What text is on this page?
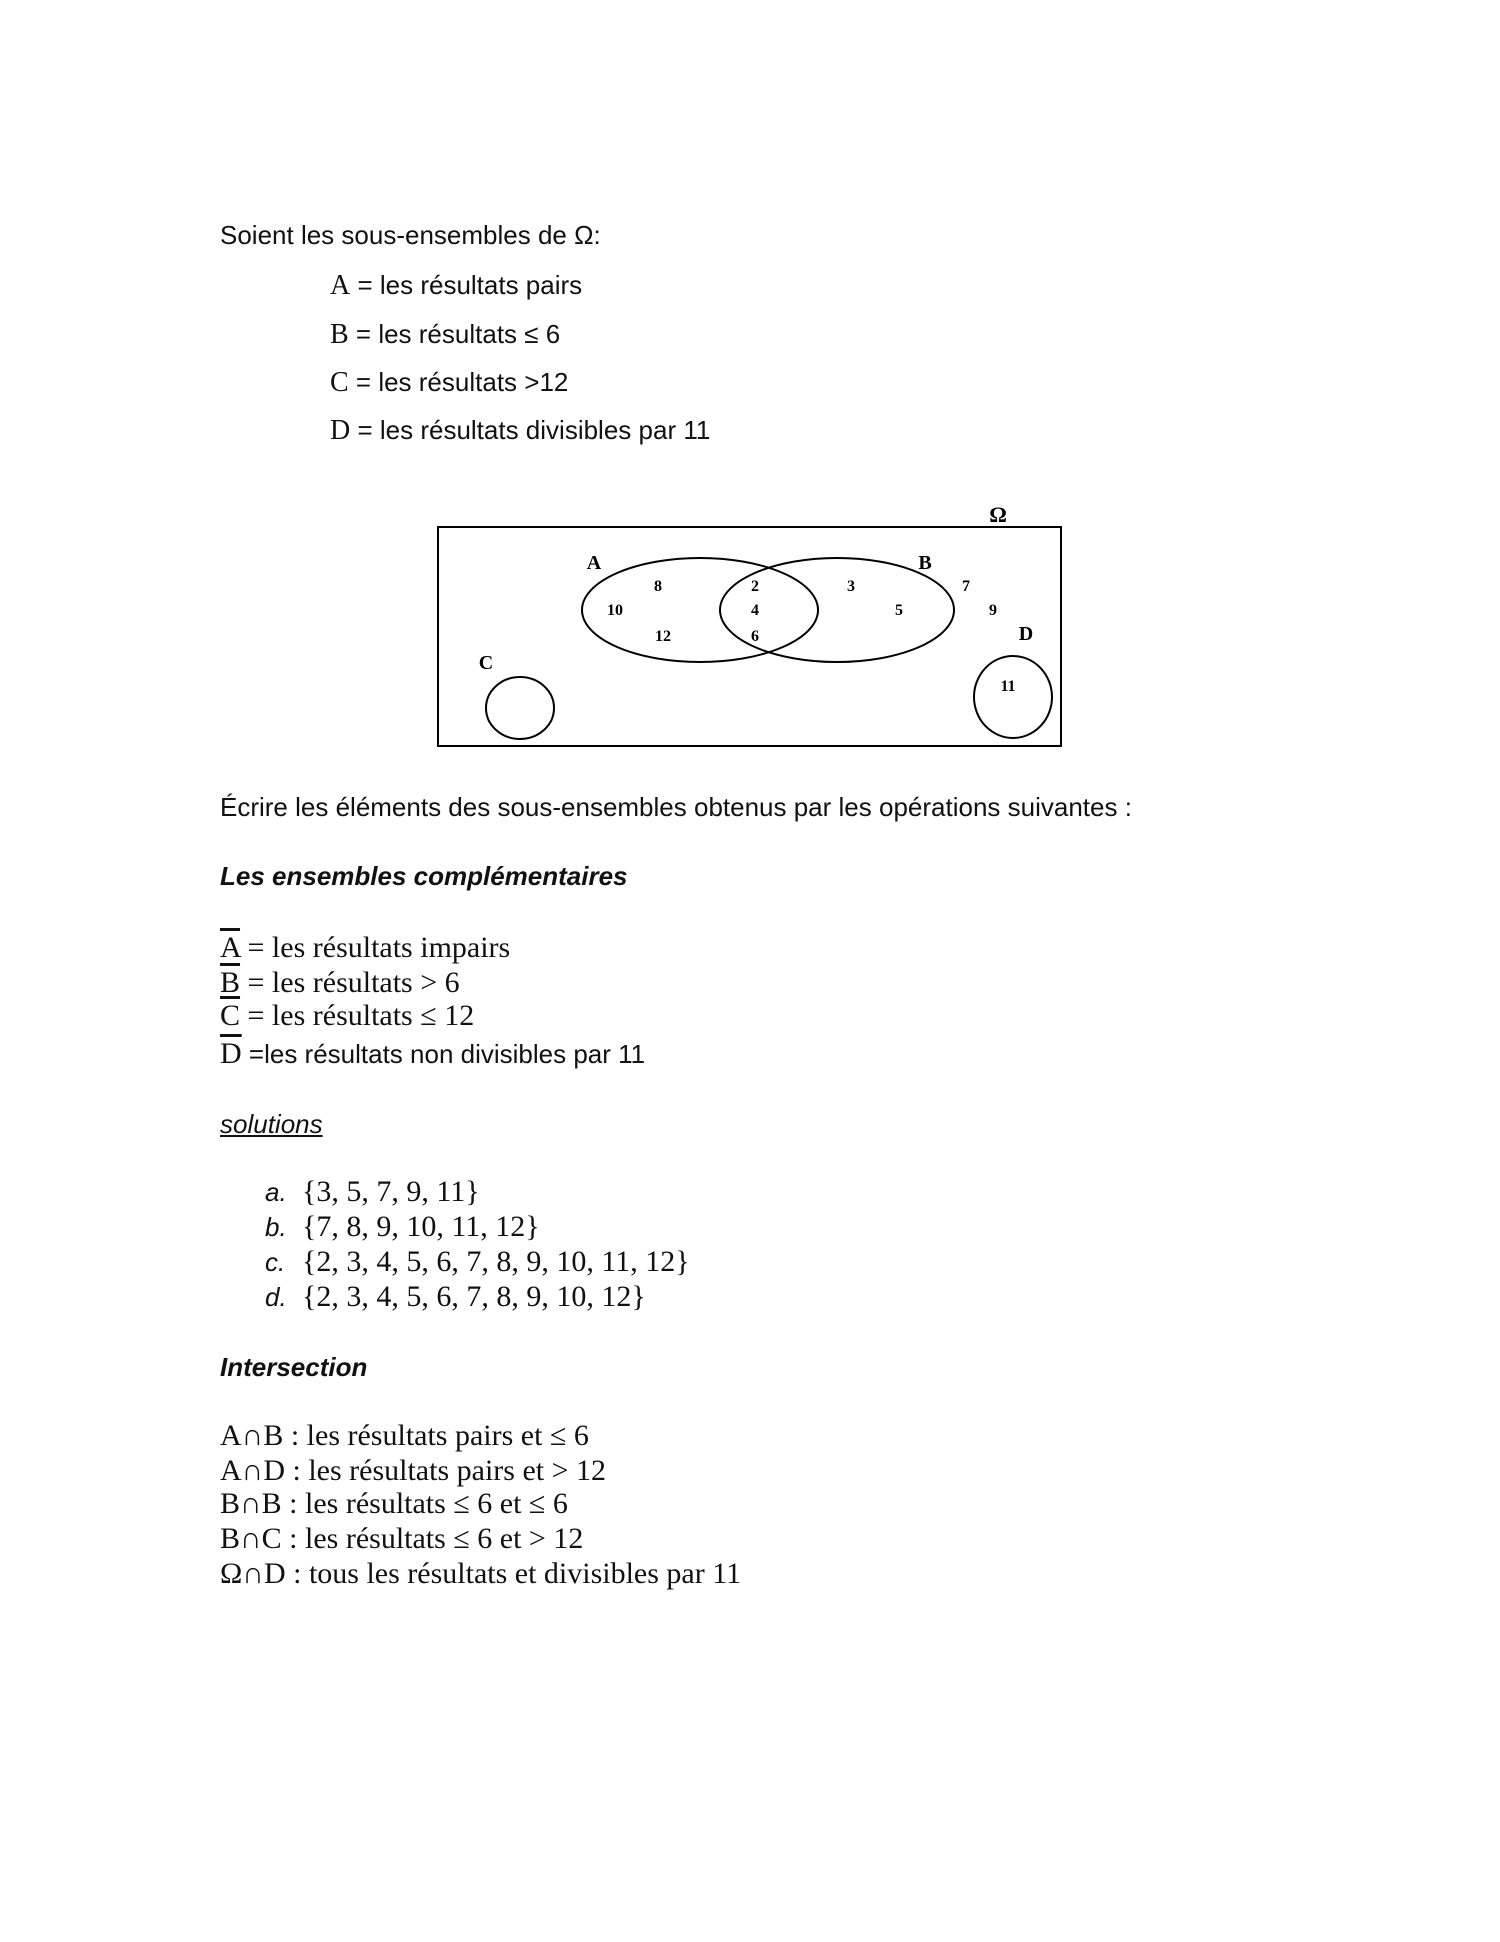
Soient les sous-ensembles de Ω:
A = les résultats pairs
B = les résultats ≤ 6
C = les résultats >12
D = les résultats divisibles par 11
Ω
A	B
C
D
8
10
12
2
4
6
3
5
7
9
11
Écrire les éléments des sous-ensembles obtenus par les opérations suivantes :
Les ensembles complémentaires
$\overline{A}$ = les résultats impairs
$\overline{B}$ = les résultats > 6
$\overline{C}$ = les résultats ≤ 12
$\overline{D} =les$ résultats non divisibles par 11
solutions
a. {3, 5, 7, 9, 11}
b. {7, 8, 9, 10, 11, 12}
c. {2, 3, 4, 5, 6, 7, 8, 9, 10, 11, 12}
d. {2, 3, 4, 5, 6, 7, 8, 9, 10, 12}
Intersection
A∩B : les résultats pairs et ≤ 6
A∩D : les résultats pairs et > 12
B∩B : les résultats ≤ 6 et ≤ 6
B∩C : les résultats ≤ 6 et > 12
Ω∩D : tous les résultats et divisibles par 11
